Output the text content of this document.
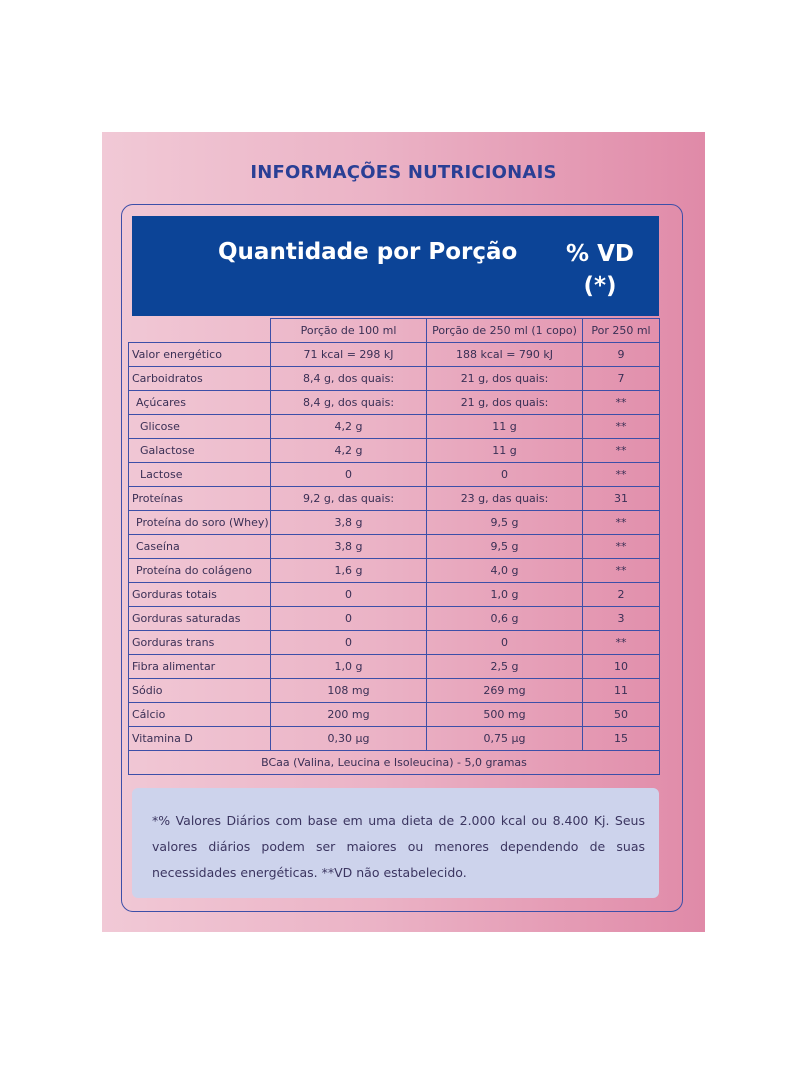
INFORMAÇÕES NUTRICIONAIS
Quantidade por Porção % VD
(*)
	Porção de 100 ml	Porção de 250 ml (1 copo)	Por 250 ml
Valor energético	71 kcal = 298 kJ	188 kcal = 790 kJ	9
Carboidratos	8,4 g, dos quais:	21 g, dos quais:	7
Açúcares	8,4 g, dos quais:	21 g, dos quais:	**
Glicose	4,2 g	11 g	**
Galactose	4,2 g	11 g	**
Lactose	0	0	**
Proteínas	9,2 g, das quais:	23 g, das quais:	31
Proteína do soro (Whey)	3,8 g	9,5 g	**
Caseína	3,8 g	9,5 g	**
Proteína do colágeno	1,6 g	4,0 g	**
Gorduras totais	0	1,0 g	2
Gorduras saturadas	0	0,6 g	3
Gorduras trans	0	0	**
Fibra alimentar	1,0 g	2,5 g	10
Sódio	108 mg	269 mg	11
Cálcio	200 mg	500 mg	50
Vitamina D	0,30 µg	0,75 µg	15
BCaa (Valina, Leucina e Isoleucina) - 5,0 gramas			
*% Valores Diários com base em uma dieta de 2.000 kcal ou 8.400 Kj. Seus valores diários podem ser maiores ou menores dependendo de suas necessidades energéticas. **VD não estabelecido.
